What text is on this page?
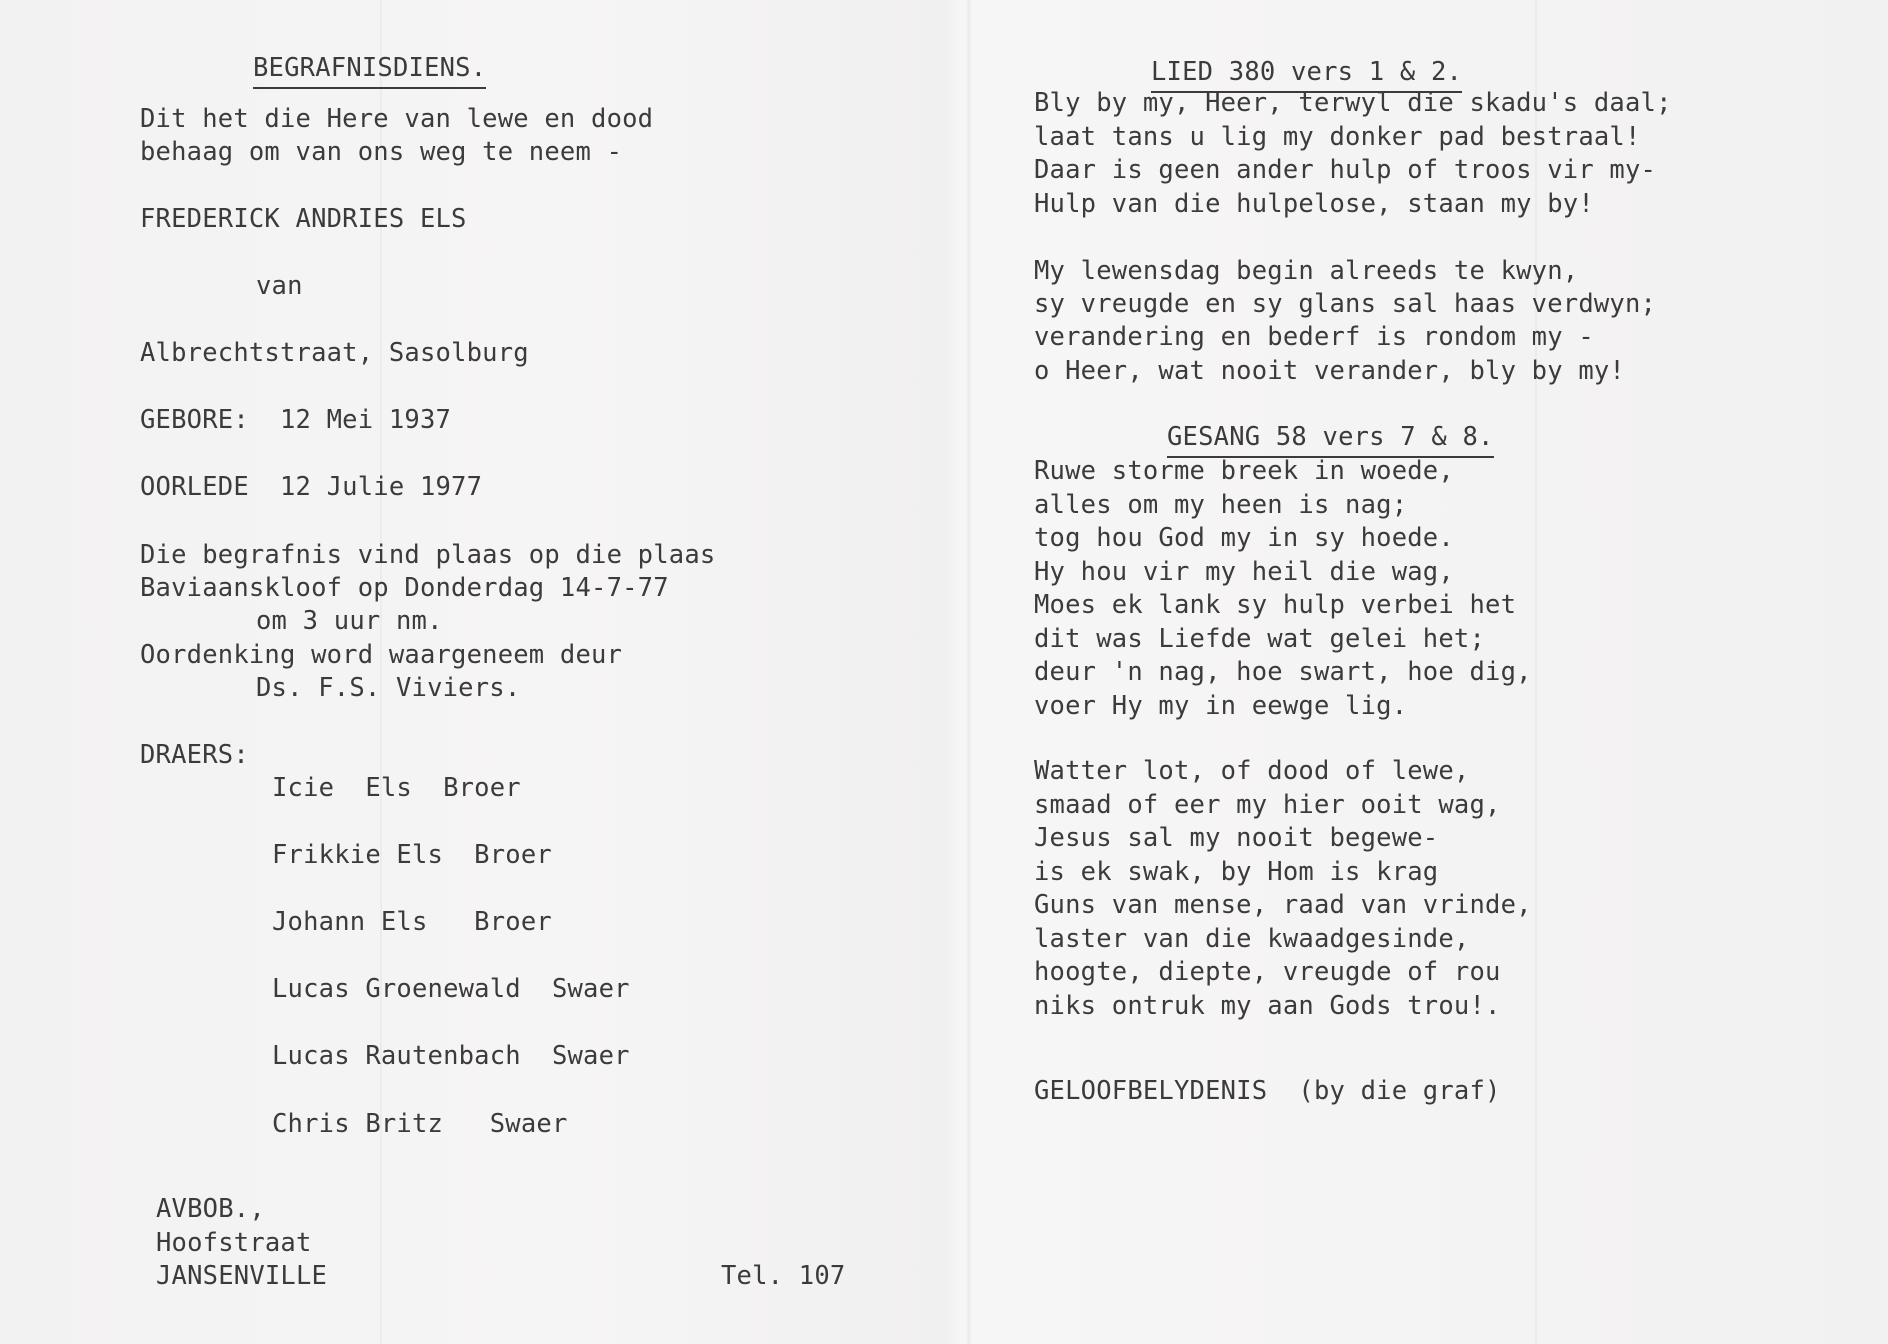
BEGRAFNISDIENS.
Dit het die Here van lewe en dood
behaag om van ons weg te neem -
FREDERICK ANDRIES ELS
van
Albrechtstraat, Sasolburg
GEBORE:  12 Mei 1937
OORLEDE  12 Julie 1977
Die begrafnis vind plaas op die plaas
Baviaanskloof op Donderdag 14-7-77
om 3 uur nm.
Oordenking word waargeneem deur
Ds. F.S. Viviers.
DRAERS:
Icie  Els  Broer
Frikkie Els  Broer
Johann Els   Broer
Lucas Groenewald  Swaer
Lucas Rautenbach  Swaer
Chris Britz   Swaer
AVBOB.,
Hoofstraat
JANSENVILLE	Tel. 107
LIED 380 vers 1 & 2.
Bly by my, Heer, terwyl die skadu's daal;
laat tans u lig my donker pad bestraal!
Daar is geen ander hulp of troos vir my-
Hulp van die hulpelose, staan my by!
My lewensdag begin alreeds te kwyn,
sy vreugde en sy glans sal haas verdwyn;
verandering en bederf is rondom my -
o Heer, wat nooit verander, bly by my!
GESANG 58 vers 7 & 8.
Ruwe storme breek in woede,
alles om my heen is nag;
tog hou God my in sy hoede.
Hy hou vir my heil die wag,
Moes ek lank sy hulp verbei het
dit was Liefde wat gelei het;
deur 'n nag, hoe swart, hoe dig,
voer Hy my in eewge lig.
Watter lot, of dood of lewe,
smaad of eer my hier ooit wag,
Jesus sal my nooit begewe-
is ek swak, by Hom is krag
Guns van mense, raad van vrinde,
laster van die kwaadgesinde,
hoogte, diepte, vreugde of rou
niks ontruk my aan Gods trou!.
GELOOFBELYDENIS  (by die graf)
